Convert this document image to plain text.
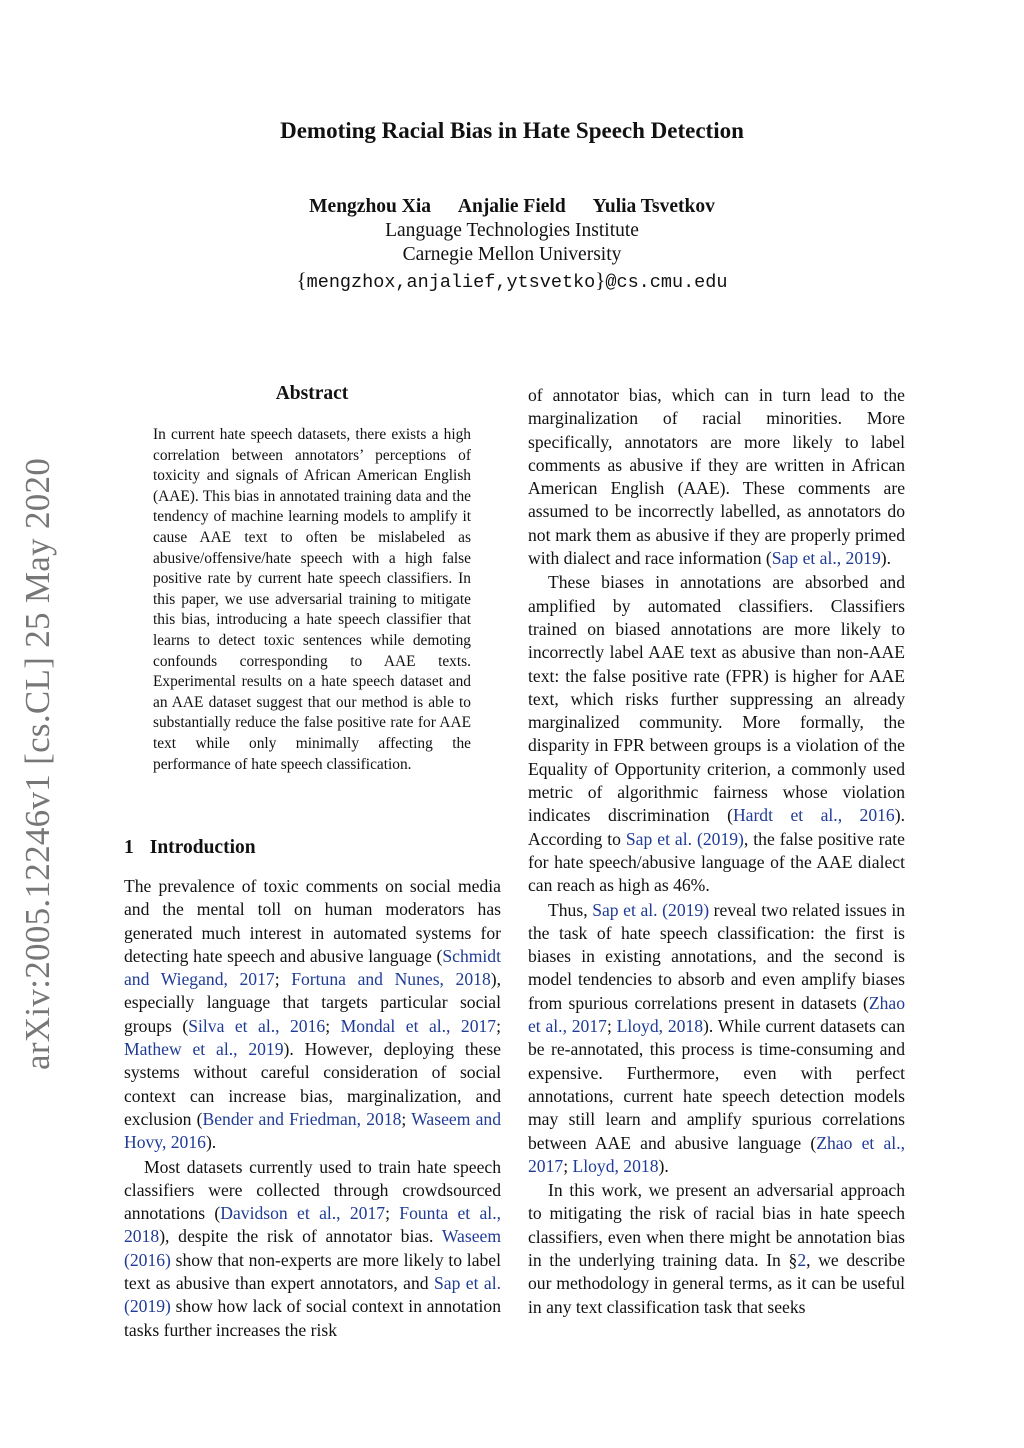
arXiv:2005.12246v1 [cs.CL] 25 May 2020
Demoting Racial Bias in Hate Speech Detection
Mengzhou Xia Anjalie Field Yulia Tsvetkov
Language Technologies Institute
Carnegie Mellon University
{mengzhox,anjalief,ytsvetko}@cs.cmu.edu
Abstract

In current hate speech datasets, there exists a high correlation between annotators’ perceptions of toxicity and signals of African American English (AAE). This bias in annotated training data and the tendency of machine learning models to amplify it cause AAE text to often be mislabeled as abusive/offensive/hate speech with a high false positive rate by current hate speech classifiers. In this paper, we use adversarial training to mitigate this bias, introducing a hate speech classifier that learns to detect toxic sentences while demoting confounds corresponding to AAE texts. Experimental results on a hate speech dataset and an AAE dataset suggest that our method is able to substantially reduce the false positive rate for AAE text while only minimally affecting the performance of hate speech classification.

1 Introduction

The prevalence of toxic comments on social media and the mental toll on human moderators has generated much interest in automated systems for detecting hate speech and abusive language (Schmidt and Wiegand, 2017; Fortuna and Nunes, 2018), especially language that targets particular social groups (Silva et al., 2016; Mondal et al., 2017; Mathew et al., 2019). However, deploying these systems without careful consideration of social context can increase bias, marginalization, and exclusion (Bender and Friedman, 2018; Waseem and Hovy, 2016).

Most datasets currently used to train hate speech classifiers were collected through crowdsourced annotations (Davidson et al., 2017; Founta et al., 2018), despite the risk of annotator bias. Waseem (2016) show that non-experts are more likely to label text as abusive than expert annotators, and Sap et al. (2019) show how lack of social context in annotation tasks further increases the risk

of annotator bias, which can in turn lead to the marginalization of racial minorities. More specifically, annotators are more likely to label comments as abusive if they are written in African American English (AAE). These comments are assumed to be incorrectly labelled, as annotators do not mark them as abusive if they are properly primed with dialect and race information (Sap et al., 2019).

These biases in annotations are absorbed and amplified by automated classifiers. Classifiers trained on biased annotations are more likely to incorrectly label AAE text as abusive than non-AAE text: the false positive rate (FPR) is higher for AAE text, which risks further suppressing an already marginalized community. More formally, the disparity in FPR between groups is a violation of the Equality of Opportunity criterion, a commonly used metric of algorithmic fairness whose violation indicates discrimination (Hardt et al., 2016). According to Sap et al. (2019), the false positive rate for hate speech/abusive language of the AAE dialect can reach as high as 46%.

Thus, Sap et al. (2019) reveal two related issues in the task of hate speech classification: the first is biases in existing annotations, and the second is model tendencies to absorb and even amplify biases from spurious correlations present in datasets (Zhao et al., 2017; Lloyd, 2018). While current datasets can be re-annotated, this process is time-consuming and expensive. Furthermore, even with perfect annotations, current hate speech detection models may still learn and amplify spurious correlations between AAE and abusive language (Zhao et al., 2017; Lloyd, 2018).

In this work, we present an adversarial approach to mitigating the risk of racial bias in hate speech classifiers, even when there might be annotation bias in the underlying training data. In §2, we describe our methodology in general terms, as it can be useful in any text classification task that seeks
